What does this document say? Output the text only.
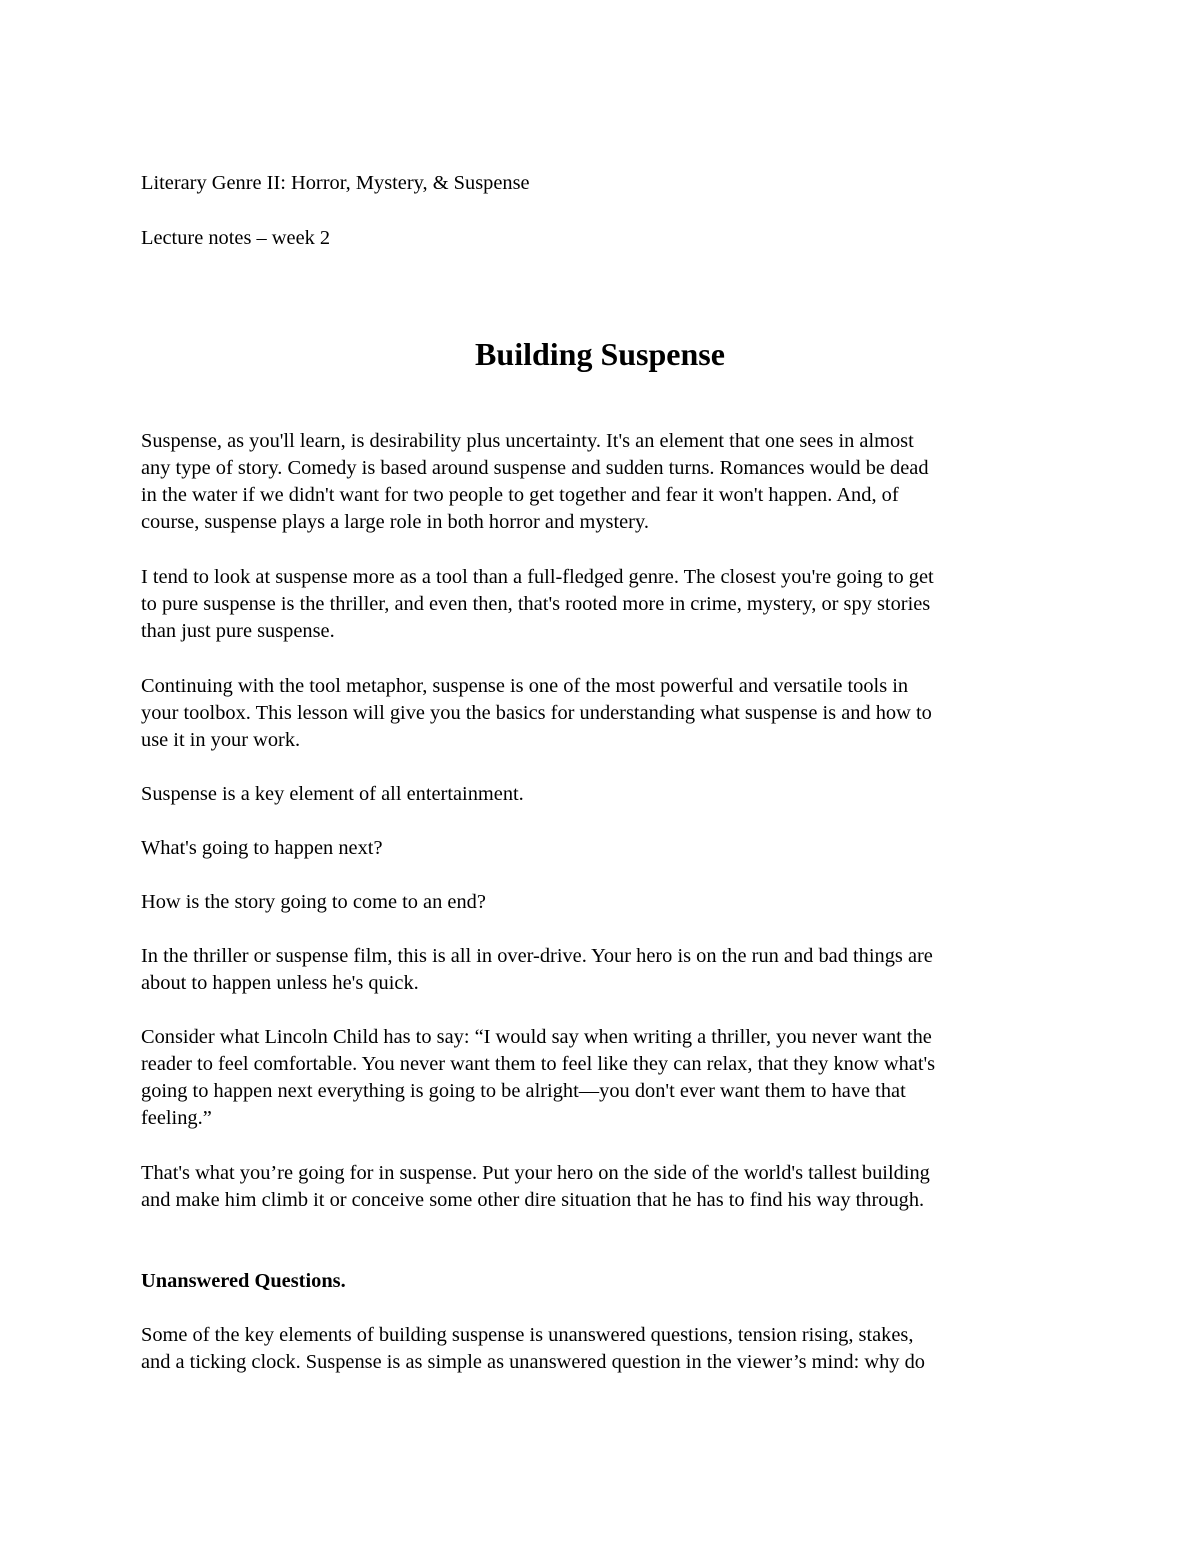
Literary Genre II: Horror, Mystery, & Suspense

Lecture notes – week 2

Building Suspense

Suspense, as you'll learn, is desirability plus uncertainty. It's an element that one sees in almost
any type of story. Comedy is based around suspense and sudden turns. Romances would be dead
in the water if we didn't want for two people to get together and fear it won't happen. And, of
course, suspense plays a large role in both horror and mystery.

I tend to look at suspense more as a tool than a full-fledged genre. The closest you're going to get
to pure suspense is the thriller, and even then, that's rooted more in crime, mystery, or spy stories
than just pure suspense.

Continuing with the tool metaphor, suspense is one of the most powerful and versatile tools in
your toolbox. This lesson will give you the basics for understanding what suspense is and how to
use it in your work.

Suspense is a key element of all entertainment.

What's going to happen next?

How is the story going to come to an end?

In the thriller or suspense film, this is all in over-drive. Your hero is on the run and bad things are
about to happen unless he's quick.

Consider what Lincoln Child has to say: “I would say when writing a thriller, you never want the
reader to feel comfortable. You never want them to feel like they can relax, that they know what's
going to happen next everything is going to be alright—you don't ever want them to have that
feeling.”

That's what you’re going for in suspense. Put your hero on the side of the world's tallest building
and make him climb it or conceive some other dire situation that he has to find his way through.

Unanswered Questions.

Some of the key elements of building suspense is unanswered questions, tension rising, stakes,
and a ticking clock. Suspense is as simple as unanswered question in the viewer’s mind: why do
